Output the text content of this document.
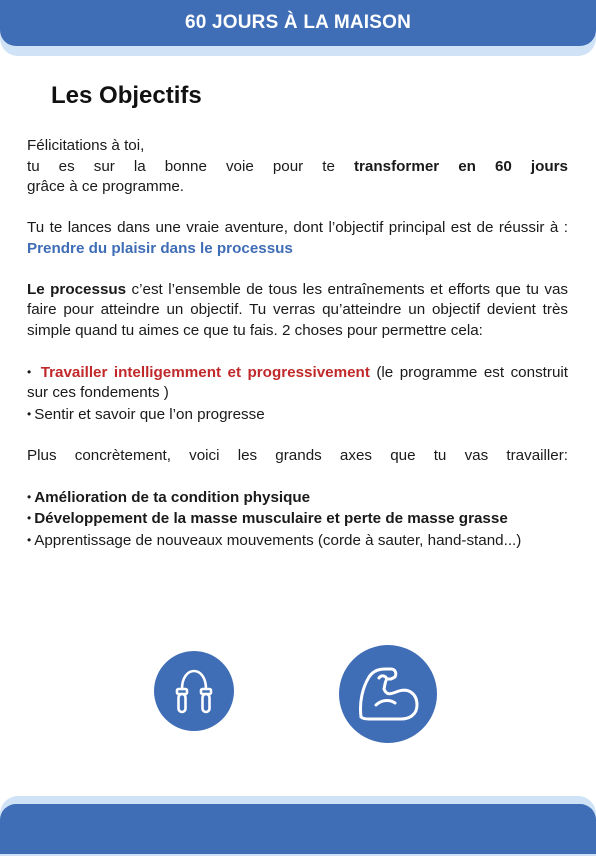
60 JOURS À LA MAISON
Les Objectifs

Félicitations à toi,

tu es sur la bonne voie pour te transformer en 60 jours

grâce à ce programme.

Tu te lances dans une vraie aventure, dont l’objectif principal est de réussir à : Prendre du plaisir dans le processus

Le processus c’est l’ensemble de tous les entraînements et efforts que tu vas faire pour atteindre un objectif. Tu verras qu’atteindre un objectif devient très simple quand tu aimes ce que tu fais. 2 choses pour permettre cela:

• Travailler intelligemment et progressivement (le programme est construit sur ces fondements )

• Sentir et savoir que l’on progresse

Plus concrètement, voici les grands axes que tu vas travailler:

• Amélioration de ta condition physique

• Développement de la masse musculaire et perte de masse grasse

• Apprentissage de nouveaux mouvements (corde à sauter, hand-stand...)
